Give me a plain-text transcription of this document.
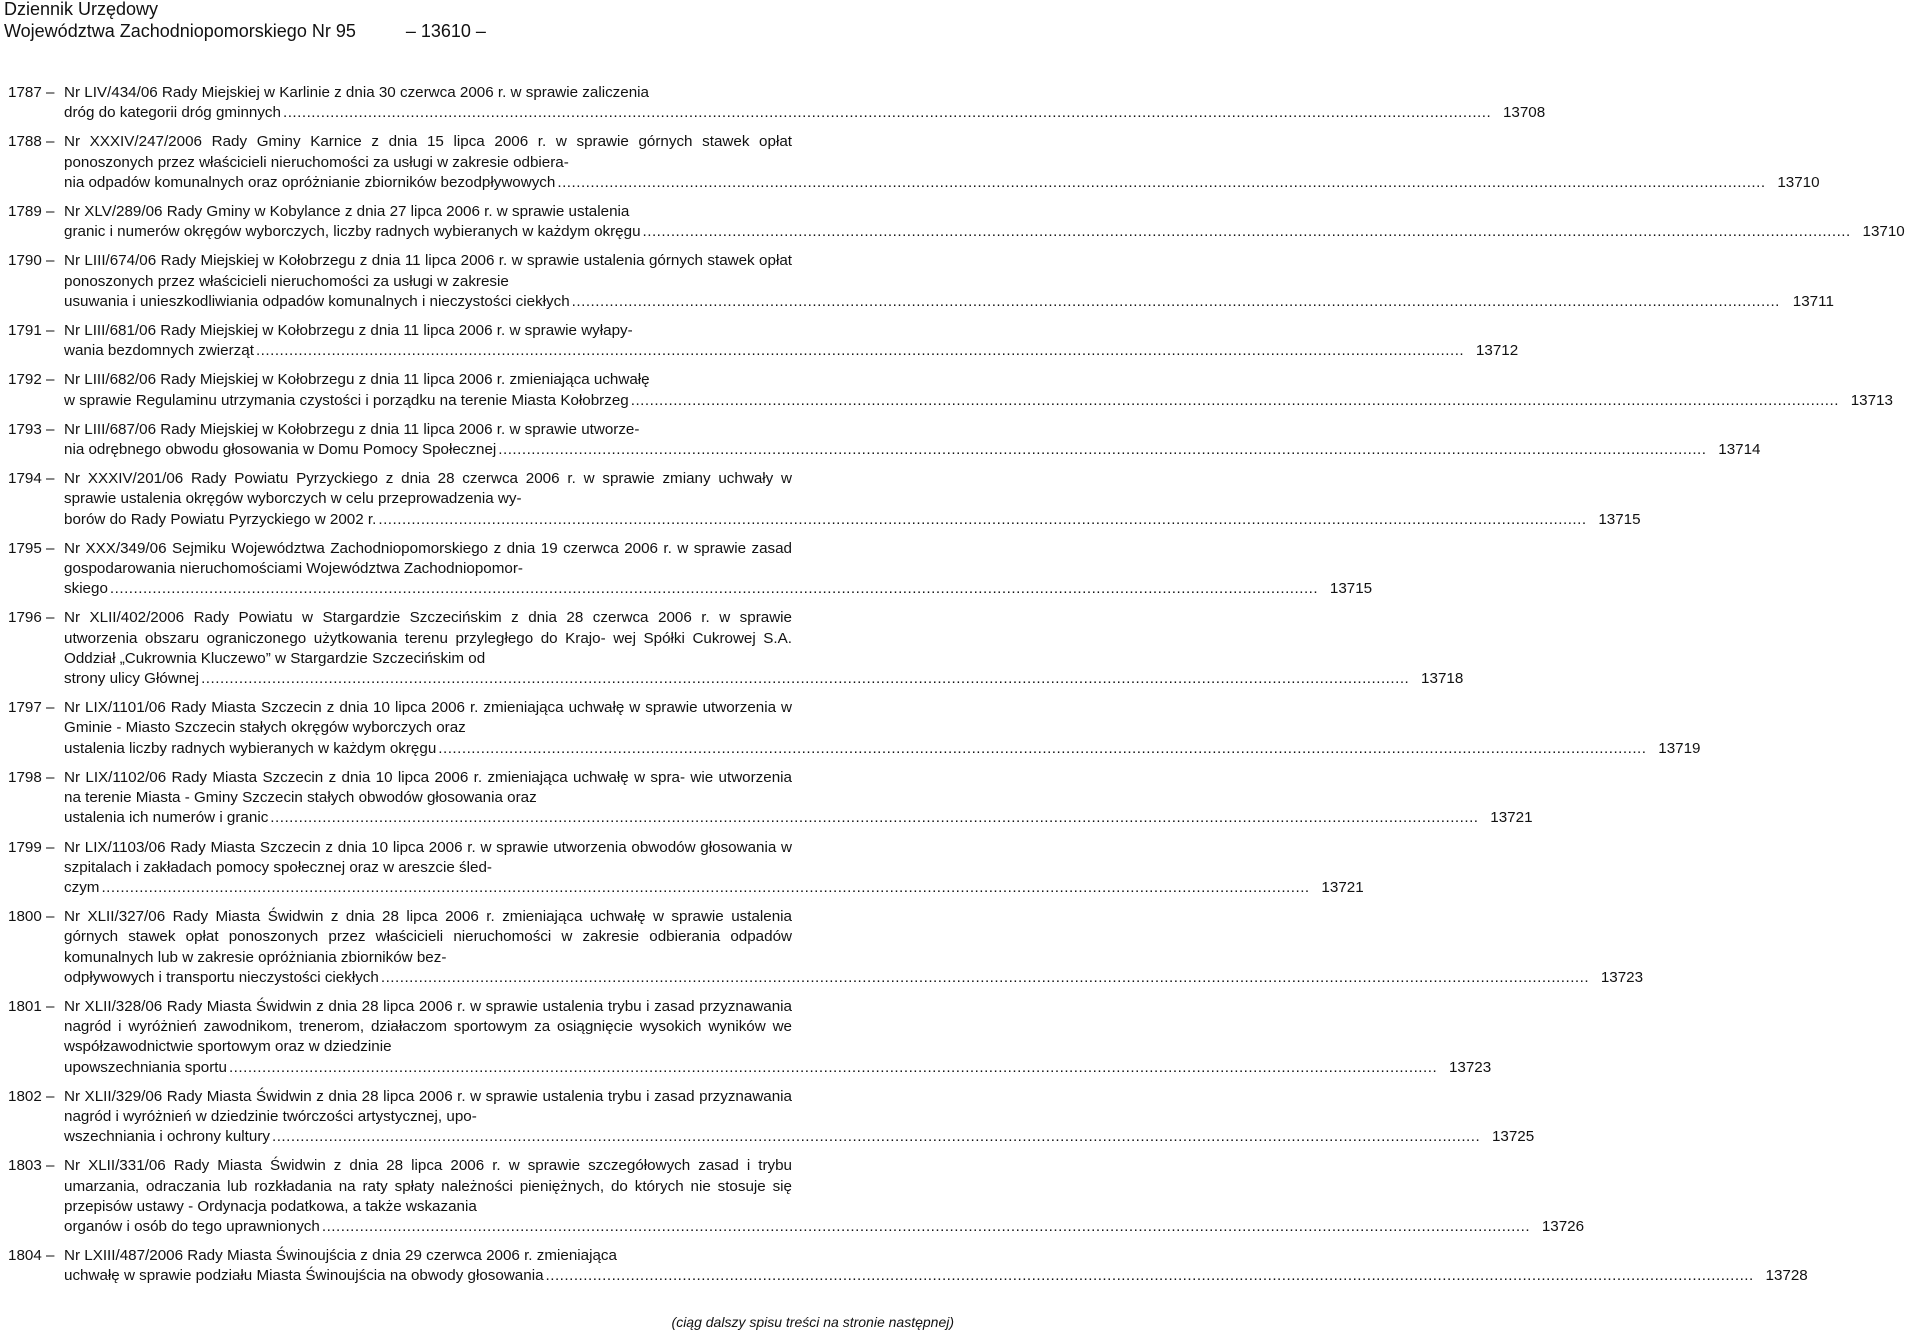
Dziennik Urzędowy
Województwa Zachodniopomorskiego Nr 95	– 13610 –
1787 – Nr LIV/434/06 Rady Miejskiej w Karlinie z dnia 30 czerwca 2006 r. w sprawie zaliczenia
dróg do kategorii dróg gminnych .....	13708
1788 – Nr XXXIV/247/2006 Rady Gminy Karnice z dnia 15 lipca 2006 r. w sprawie górnych stawek opłat ponoszonych przez właścicieli nieruchomości za usługi w zakresie odbiera-
nia odpadów komunalnych oraz opróżnianie zbiorników bezodpływowych .....	13710
1789 – Nr XLV/289/06 Rady Gminy w Kobylance z dnia 27 lipca 2006 r. w sprawie ustalenia
granic i numerów okręgów wyborczych, liczby radnych wybieranych w każdym okręgu .....	13710
1790 – Nr LIII/674/06 Rady Miejskiej w Kołobrzegu z dnia 11 lipca 2006 r. w sprawie ustalenia górnych stawek opłat ponoszonych przez właścicieli nieruchomości za usługi w zakresie
usuwania i unieszkodliwiania odpadów komunalnych i nieczystości ciekłych .....	13711
1791 – Nr LIII/681/06 Rady Miejskiej w Kołobrzegu z dnia 11 lipca 2006 r. w sprawie wyłapy-
wania bezdomnych zwierząt .....	13712
1792 – Nr LIII/682/06 Rady Miejskiej w Kołobrzegu z dnia 11 lipca 2006 r. zmieniająca uchwałę
w sprawie Regulaminu utrzymania czystości i porządku na terenie Miasta Kołobrzeg .....	13713
1793 – Nr LIII/687/06 Rady Miejskiej w Kołobrzegu z dnia 11 lipca 2006 r. w sprawie utworze-
nia odrębnego obwodu głosowania w Domu Pomocy Społecznej .....	13714
1794 – Nr XXXIV/201/06 Rady Powiatu Pyrzyckiego z dnia 28 czerwca 2006 r. w sprawie zmiany uchwały w sprawie ustalenia okręgów wyborczych w celu przeprowadzenia wy-
borów do Rady Powiatu Pyrzyckiego w 2002 r. .....	13715
1795 – Nr XXX/349/06 Sejmiku Województwa Zachodniopomorskiego z dnia 19 czerwca 2006 r. w sprawie zasad gospodarowania nieruchomościami Województwa Zachodniopomor-
skiego .....	13715
1796 – Nr XLII/402/2006 Rady Powiatu w Stargardzie Szczecińskim z dnia 28 czerwca 2006 r. w sprawie utworzenia obszaru ograniczonego użytkowania terenu przyległego do Krajo- wej Spółki Cukrowej S.A. Oddział „Cukrownia Kluczewo” w Stargardzie Szczecińskim od
strony ulicy Głównej .....	13718
1797 – Nr LIX/1101/06 Rady Miasta Szczecin z dnia 10 lipca 2006 r. zmieniająca uchwałę w sprawie utworzenia w Gminie - Miasto Szczecin stałych okręgów wyborczych oraz
ustalenia liczby radnych wybieranych w każdym okręgu .....	13719
1798 – Nr LIX/1102/06 Rady Miasta Szczecin z dnia 10 lipca 2006 r. zmieniająca uchwałę w spra- wie utworzenia na terenie Miasta - Gminy Szczecin stałych obwodów głosowania oraz
ustalenia ich numerów i granic .....	13721
1799 – Nr LIX/1103/06 Rady Miasta Szczecin z dnia 10 lipca 2006 r. w sprawie utworzenia obwodów głosowania w szpitalach i zakładach pomocy społecznej oraz w areszcie śled-
czym .....	13721
1800 – Nr XLII/327/06 Rady Miasta Świdwin z dnia 28 lipca 2006 r. zmieniająca uchwałę w sprawie ustalenia górnych stawek opłat ponoszonych przez właścicieli nieruchomości w zakresie odbierania odpadów komunalnych lub w zakresie opróżniania zbiorników bez-
odpływowych i transportu nieczystości ciekłych .....	13723
1801 – Nr XLII/328/06 Rady Miasta Świdwin z dnia 28 lipca 2006 r. w sprawie ustalenia trybu i zasad przyznawania nagród i wyróżnień zawodnikom, trenerom, działaczom sportowym za osiągnięcie wysokich wyników we współzawodnictwie sportowym oraz w dziedzinie
upowszechniania sportu .....	13723
1802 – Nr XLII/329/06 Rady Miasta Świdwin z dnia 28 lipca 2006 r. w sprawie ustalenia trybu i zasad przyznawania nagród i wyróżnień w dziedzinie twórczości artystycznej, upo-
wszechniania i ochrony kultury .....	13725
1803 – Nr XLII/331/06 Rady Miasta Świdwin z dnia 28 lipca 2006 r. w sprawie szczegółowych zasad i trybu umarzania, odraczania lub rozkładania na raty spłaty należności pieniężnych, do których nie stosuje się przepisów ustawy - Ordynacja podatkowa, a także wskazania
organów i osób do tego uprawnionych .....	13726
1804 – Nr LXIII/487/2006 Rady Miasta Świnoujścia z dnia 29 czerwca 2006 r. zmieniająca
uchwałę w sprawie podziału Miasta Świnoujścia na obwody głosowania .....	13728
(ciąg dalszy spisu treści na stronie następnej)
